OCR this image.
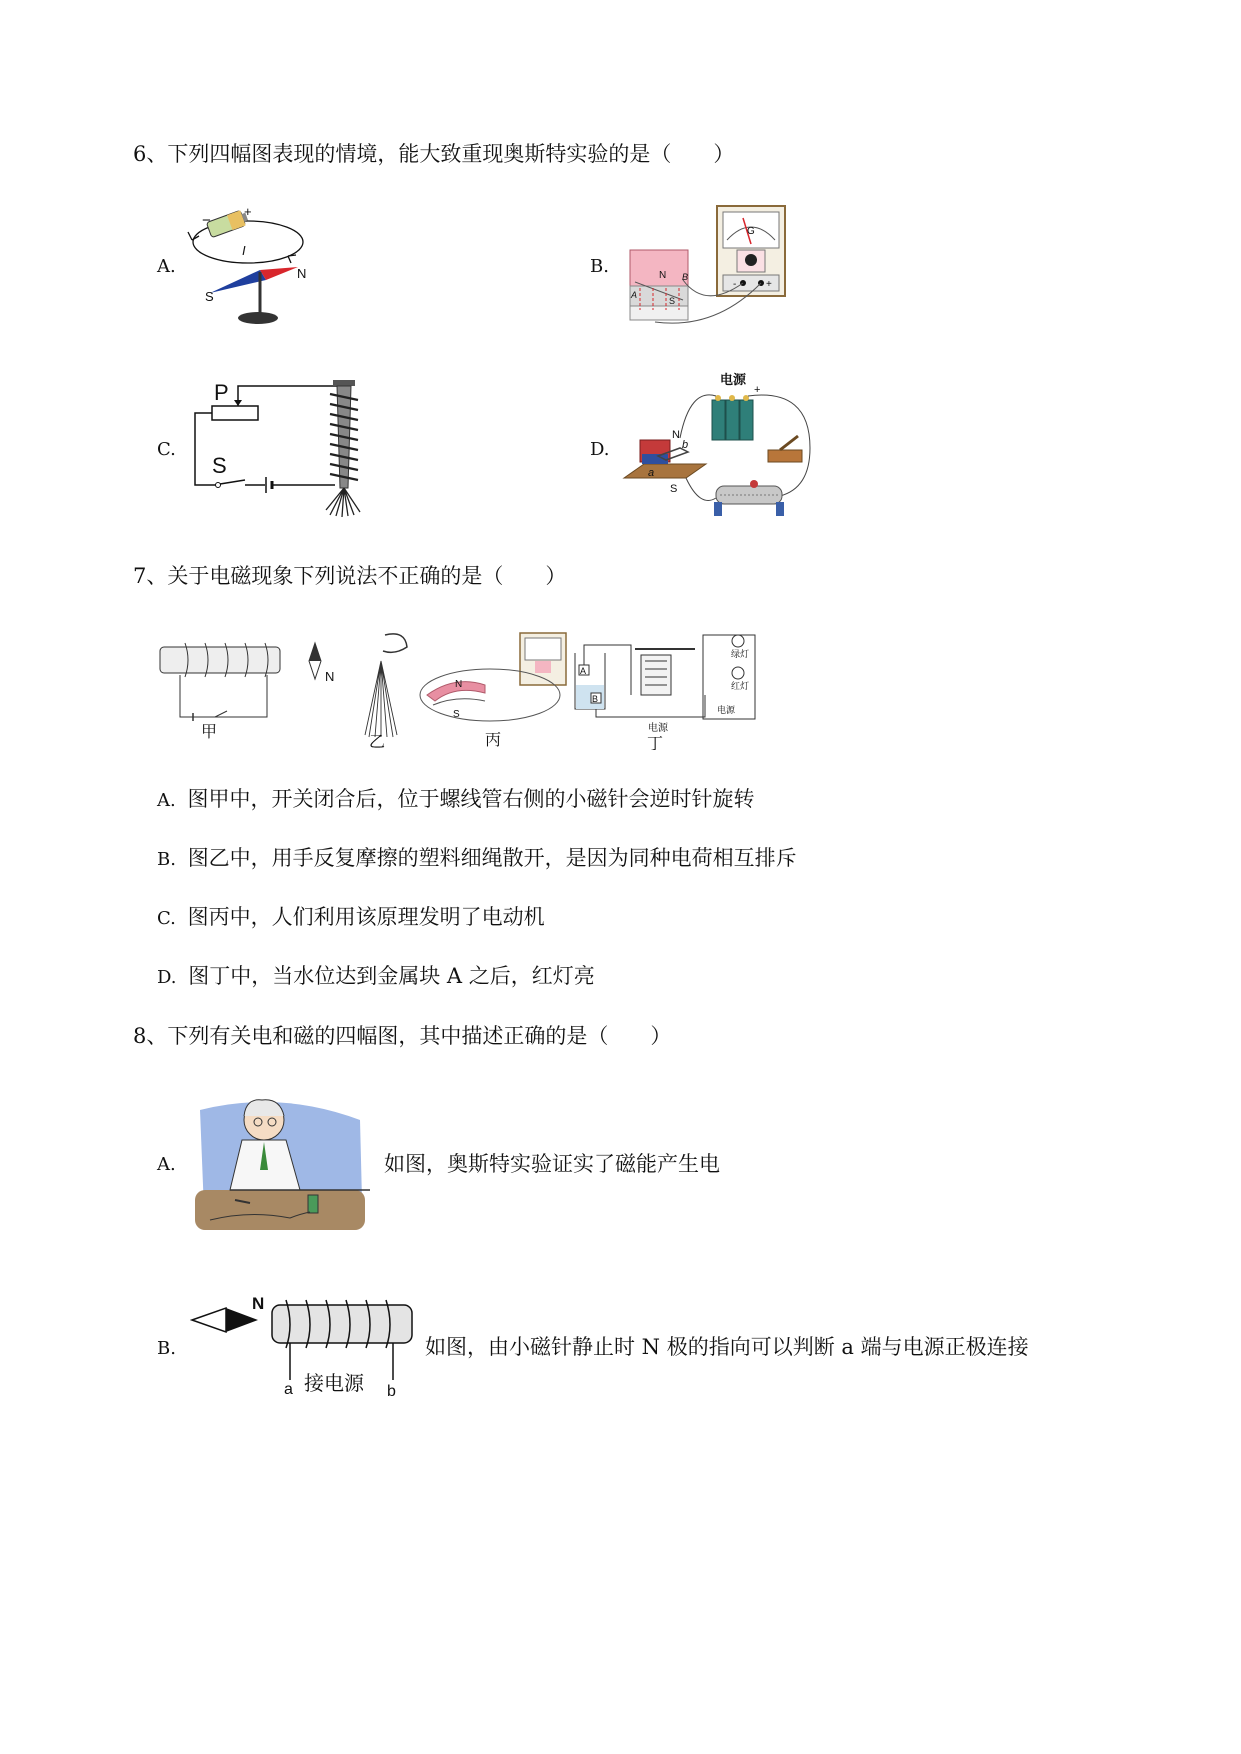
6、下列四幅图表现的情境，能大致重现奥斯特实验的是（　　）
A.
−
+
I
S
N	B.
+
-
G
A
N B
S
C.
P
S
D.
电源
+
N
b
a
S
7、关于电磁现象下列说法不正确的是（　　）
甲
N
乙
N
S
丙
A
B
电源
绿灯
红灯
电源
丁
A. 图甲中，开关闭合后，位于螺线管右侧的小磁针会逆时针旋转
B. 图乙中，用手反复摩擦的塑料细绳散开，是因为同种电荷相互排斥
C. 图丙中，人们利用该原理发明了电动机
D. 图丁中，当水位达到金属块 A 之后，红灯亮
8、下列有关电和磁的四幅图，其中描述正确的是（　　）
A.	如图，奥斯特实验证实了磁能产生电
B.
N
a	b
接电源
如图，由小磁针静止时 N 极的指向可以判断 a 端与电源正极连接
